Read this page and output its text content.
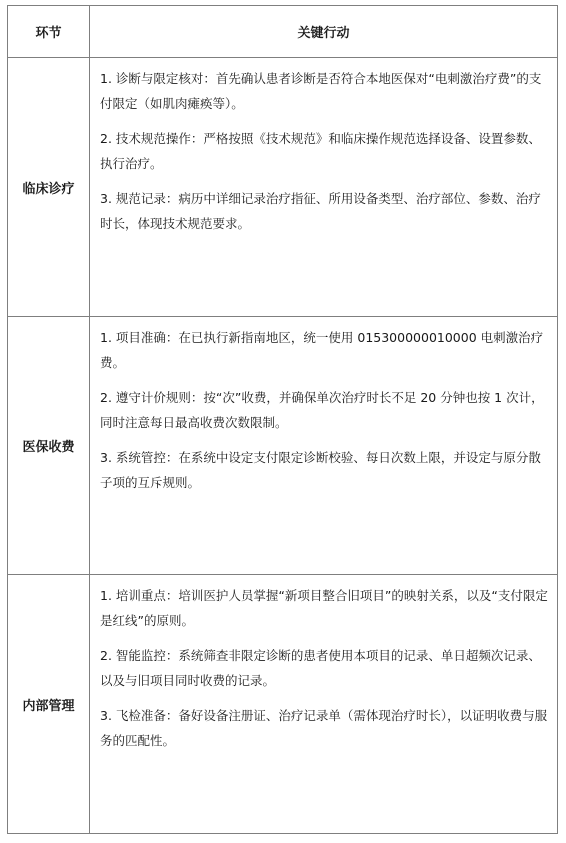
环节	关键行动
临床诊疗	1. 诊断与限定核对：首先确认患者诊断是否符合本地医保对“电刺激治疗费”的支付限定（如肌肉瘫痪等）。
2. 技术规范操作：严格按照《技术规范》和临床操作规范选择设备、设置参数、执行治疗。
3. 规范记录：病历中详细记录治疗指征、所用设备类型、治疗部位、参数、治疗时长，体现技术规范要求。

医保收费	1. 项目准确：在已执行新指南地区，统一使用 015300000010000 电刺激治疗费。
2. 遵守计价规则：按“次”收费，并确保单次治疗时长不足 20 分钟也按 1 次计，同时注意每日最高收费次数限制。
3. 系统管控：在系统中设定支付限定诊断校验、每日次数上限，并设定与原分散子项的互斥规则。

内部管理	1. 培训重点：培训医护人员掌握“新项目整合旧项目”的映射关系，以及“支付限定是红线”的原则。
2. 智能监控：系统筛查非限定诊断的患者使用本项目的记录、单日超频次记录、以及与旧项目同时收费的记录。
3. 飞检准备：备好设备注册证、治疗记录单（需体现治疗时长），以证明收费与服务的匹配性。
